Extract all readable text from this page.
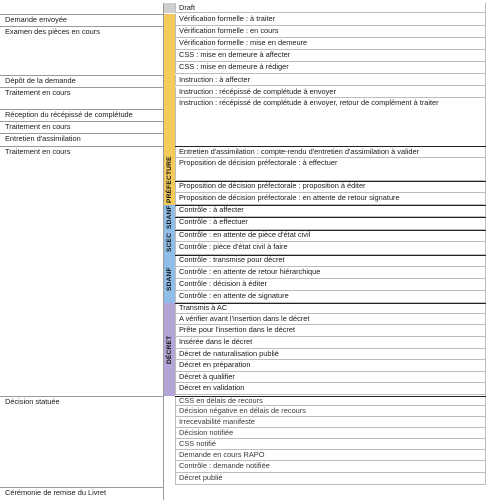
PRÉFECTURE
SDANF
SCEC
SDANF
DÉCRET
Draft
Vérification formelle : à traiter
Vérification formelle : en cours
Vérification formelle : mise en demeure
CSS : mise en demeure à affecter
CSS : mise en demeure à rédiger
Instruction : à affecter
Instruction : récépissé de complétude à envoyer
Instruction : récépissé de complétude à envoyer, retour de complément à traiter
Entretien d'assimilation : compte-rendu d'entretien d'assimilation à valider
Proposition de décision préfectorale : à effectuer
Proposition de décision préfectorale : proposition à éditer
Proposition de décision préfectorale : en attente de retour signature
Contrôle : à affecter
Contrôle : à effectuer
Contrôle : en attente de pièce d'état civil
Contrôle : pièce d'état civil à faire
Contrôle : transmise pour décret
Contrôle : en attente de retour hiérarchique
Contrôle : décision à éditer
Contrôle : en attente de signature
Transmis à AC
A vérifier avant l'insertion dans le décret
Prête pour l'insertion dans le décret
Insérée dans le décret
Décret de naturalisation publié
Décret en préparation
Décret à qualifier
Décret en validation
CSS en délais de recours
Décision négative en délais de recours
Irrecevabilité manifeste
Décision notifiée
CSS notifié
Demande en cours RAPO
Contrôle : demande notifiée
Décret publié
Demande envoyée
Examen des pièces en cours
Dépôt de la demande
Traitement en cours
Réception du récépissé de complétude
Traitement en cours
Entretien d'assimilation
Traitement en cours
Décision statuée
Cérémonie de remise du Livret
